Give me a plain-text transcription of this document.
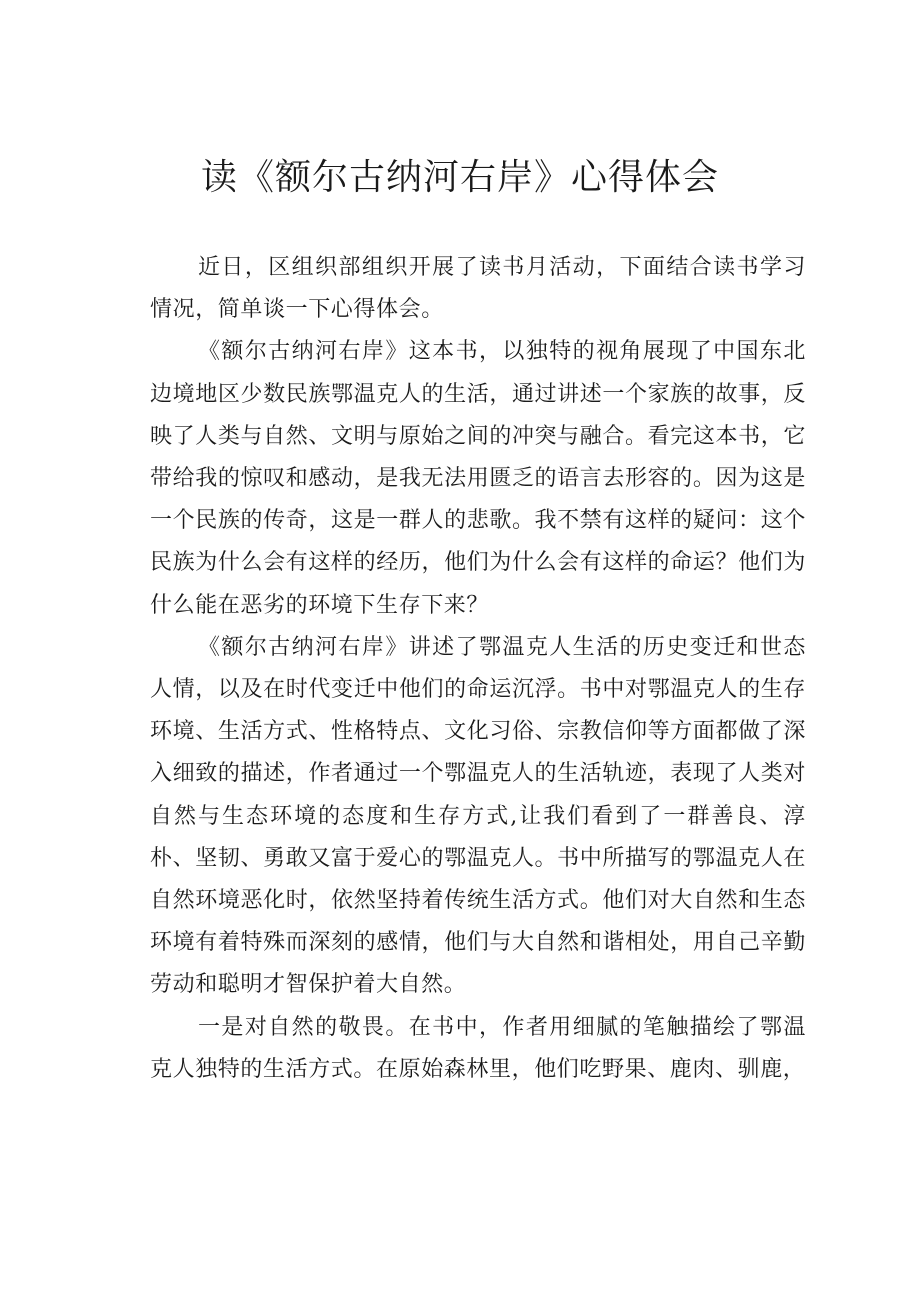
读《额尔古纳河右岸》心得体会

近日，区组织部组织开展了读书月活动，下面结合读书学习情况，简单谈一下心得体会。

《额尔古纳河右岸》这本书，以独特的视角展现了中国东北边境地区少数民族鄂温克人的生活，通过讲述一个家族的故事，反映了人类与自然、文明与原始之间的冲突与融合。看完这本书，它带给我的惊叹和感动，是我无法用匮乏的语言去形容的。因为这是一个民族的传奇，这是一群人的悲歌。我不禁有这样的疑问：这个民族为什么会有这样的经历，他们为什么会有这样的命运？他们为什么能在恶劣的环境下生存下来？

《额尔古纳河右岸》讲述了鄂温克人生活的历史变迁和世态人情，以及在时代变迁中他们的命运沉浮。书中对鄂温克人的生存环境、生活方式、性格特点、文化习俗、宗教信仰等方面都做了深入细致的描述，作者通过一个鄂温克人的生活轨迹，表现了人类对自然与生态环境的态度和生存方式,让我们看到了一群善良、淳朴、坚韧、勇敢又富于爱心的鄂温克人。书中所描写的鄂温克人在自然环境恶化时，依然坚持着传统生活方式。他们对大自然和生态环境有着特殊而深刻的感情，他们与大自然和谐相处，用自己辛勤劳动和聪明才智保护着大自然。

一是对自然的敬畏。在书中，作者用细腻的笔触描绘了鄂温克人独特的生活方式。在原始森林里，他们吃野果、鹿肉、驯鹿，
